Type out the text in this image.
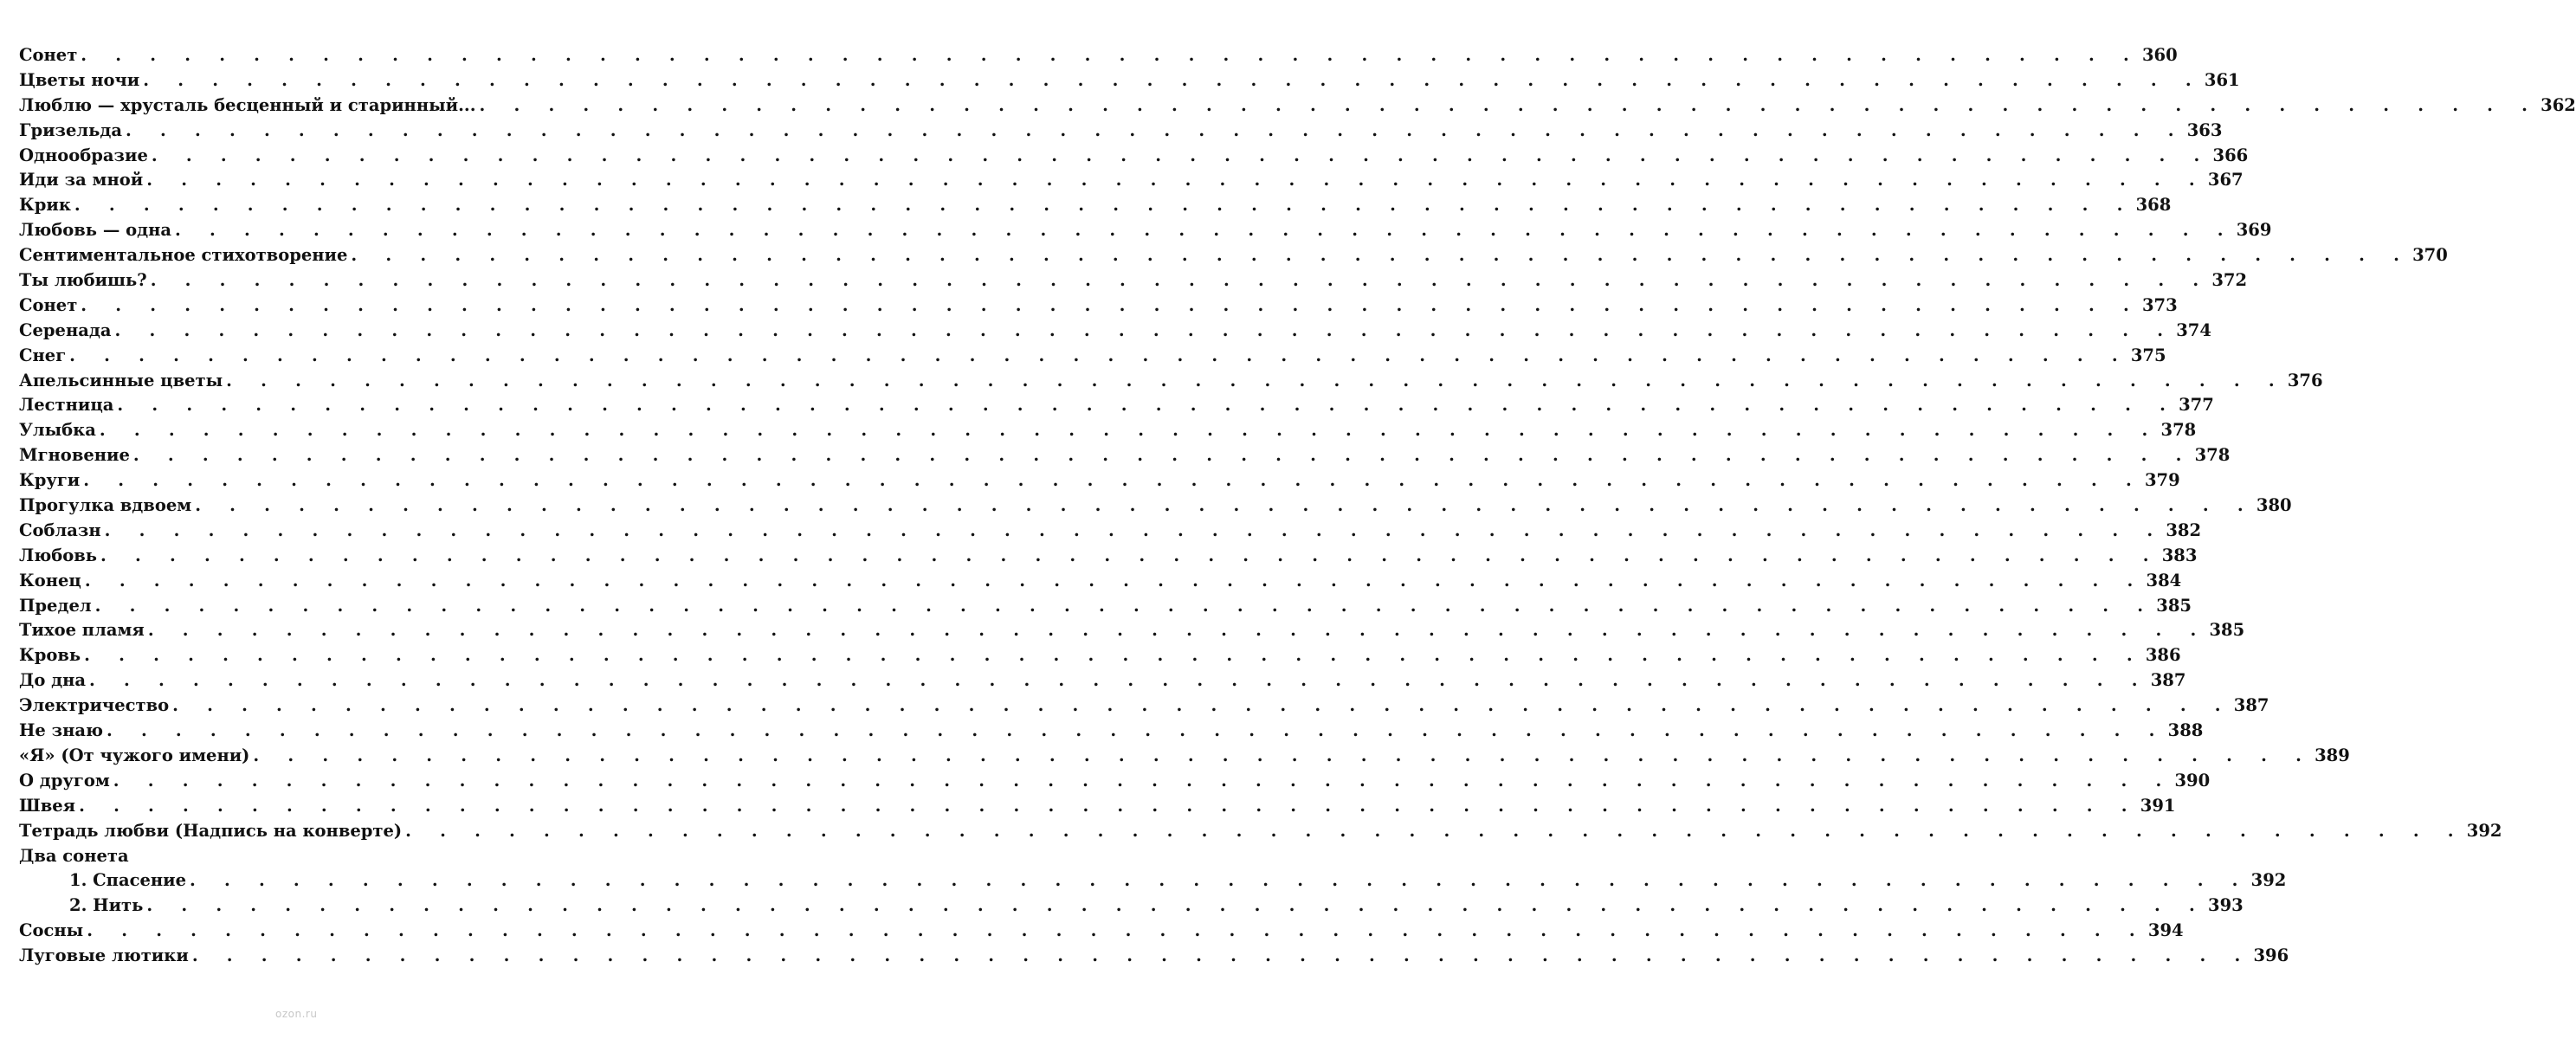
Сонет . . . . . . . . . . . . . . . . . . . . . . . . . . . . . . . . . . . . . . . . . . . . . . . . . . . . . . . . . . . . 360
Цветы ночи . . . . . . . . . . . . . . . . . . . . . . . . . . . . . . . . . . . . . . . . . . . . . . . . . . . . . . . . . . . . 361
Люблю — хрусталь бесценный и старинный... . . . . . . . . . . . . . . . . . . . . . . . . . . . . . . . . . . . . . . . . . . . . . . . . . . . . . . . . . . . . 362
Гризельда . . . . . . . . . . . . . . . . . . . . . . . . . . . . . . . . . . . . . . . . . . . . . . . . . . . . . . . . . . . . 363
Однообразие . . . . . . . . . . . . . . . . . . . . . . . . . . . . . . . . . . . . . . . . . . . . . . . . . . . . . . . . . . . . 366
Иди за мной . . . . . . . . . . . . . . . . . . . . . . . . . . . . . . . . . . . . . . . . . . . . . . . . . . . . . . . . . . . . 367
Крик . . . . . . . . . . . . . . . . . . . . . . . . . . . . . . . . . . . . . . . . . . . . . . . . . . . . . . . . . . . . 368
Любовь — одна . . . . . . . . . . . . . . . . . . . . . . . . . . . . . . . . . . . . . . . . . . . . . . . . . . . . . . . . . . . . 369
Сентиментальное стихотворение . . . . . . . . . . . . . . . . . . . . . . . . . . . . . . . . . . . . . . . . . . . . . . . . . . . . . . . . . . . . 370
Ты любишь? . . . . . . . . . . . . . . . . . . . . . . . . . . . . . . . . . . . . . . . . . . . . . . . . . . . . . . . . . . . . 372
Сонет . . . . . . . . . . . . . . . . . . . . . . . . . . . . . . . . . . . . . . . . . . . . . . . . . . . . . . . . . . . . 373
Серенада . . . . . . . . . . . . . . . . . . . . . . . . . . . . . . . . . . . . . . . . . . . . . . . . . . . . . . . . . . . . 374
Снег . . . . . . . . . . . . . . . . . . . . . . . . . . . . . . . . . . . . . . . . . . . . . . . . . . . . . . . . . . . . 375
Апельсинные цветы . . . . . . . . . . . . . . . . . . . . . . . . . . . . . . . . . . . . . . . . . . . . . . . . . . . . . . . . . . . . 376
Лестница . . . . . . . . . . . . . . . . . . . . . . . . . . . . . . . . . . . . . . . . . . . . . . . . . . . . . . . . . . . . 377
Улыбка . . . . . . . . . . . . . . . . . . . . . . . . . . . . . . . . . . . . . . . . . . . . . . . . . . . . . . . . . . . . 378
Мгновение . . . . . . . . . . . . . . . . . . . . . . . . . . . . . . . . . . . . . . . . . . . . . . . . . . . . . . . . . . . . 378
Круги . . . . . . . . . . . . . . . . . . . . . . . . . . . . . . . . . . . . . . . . . . . . . . . . . . . . . . . . . . . . 379
Прогулка вдвоем . . . . . . . . . . . . . . . . . . . . . . . . . . . . . . . . . . . . . . . . . . . . . . . . . . . . . . . . . . . . 380
Соблазн . . . . . . . . . . . . . . . . . . . . . . . . . . . . . . . . . . . . . . . . . . . . . . . . . . . . . . . . . . . . 382
Любовь . . . . . . . . . . . . . . . . . . . . . . . . . . . . . . . . . . . . . . . . . . . . . . . . . . . . . . . . . . . . 383
Конец . . . . . . . . . . . . . . . . . . . . . . . . . . . . . . . . . . . . . . . . . . . . . . . . . . . . . . . . . . . . 384
Предел . . . . . . . . . . . . . . . . . . . . . . . . . . . . . . . . . . . . . . . . . . . . . . . . . . . . . . . . . . . . 385
Тихое пламя . . . . . . . . . . . . . . . . . . . . . . . . . . . . . . . . . . . . . . . . . . . . . . . . . . . . . . . . . . . . 385
Кровь . . . . . . . . . . . . . . . . . . . . . . . . . . . . . . . . . . . . . . . . . . . . . . . . . . . . . . . . . . . . 386
До дна . . . . . . . . . . . . . . . . . . . . . . . . . . . . . . . . . . . . . . . . . . . . . . . . . . . . . . . . . . . . 387
Электричество . . . . . . . . . . . . . . . . . . . . . . . . . . . . . . . . . . . . . . . . . . . . . . . . . . . . . . . . . . . . 387
Не знаю . . . . . . . . . . . . . . . . . . . . . . . . . . . . . . . . . . . . . . . . . . . . . . . . . . . . . . . . . . . . 388
«Я» (От чужого имени) . . . . . . . . . . . . . . . . . . . . . . . . . . . . . . . . . . . . . . . . . . . . . . . . . . . . . . . . . . . . 389
О другом . . . . . . . . . . . . . . . . . . . . . . . . . . . . . . . . . . . . . . . . . . . . . . . . . . . . . . . . . . . . 390
Швея . . . . . . . . . . . . . . . . . . . . . . . . . . . . . . . . . . . . . . . . . . . . . . . . . . . . . . . . . . . . 391
Тетрадь любви (Надпись на конверте) . . . . . . . . . . . . . . . . . . . . . . . . . . . . . . . . . . . . . . . . . . . . . . . . . . . . . . . . . . . . 392
Два сонета
1. Спасение . . . . . . . . . . . . . . . . . . . . . . . . . . . . . . . . . . . . . . . . . . . . . . . . . . . . . . . . . . . . 392
2. Нить . . . . . . . . . . . . . . . . . . . . . . . . . . . . . . . . . . . . . . . . . . . . . . . . . . . . . . . . . . . . 393
Сосны . . . . . . . . . . . . . . . . . . . . . . . . . . . . . . . . . . . . . . . . . . . . . . . . . . . . . . . . . . . . 394
Луговые лютики . . . . . . . . . . . . . . . . . . . . . . . . . . . . . . . . . . . . . . . . . . . . . . . . . . . . . . . . . . . . 396
ozon.ru
